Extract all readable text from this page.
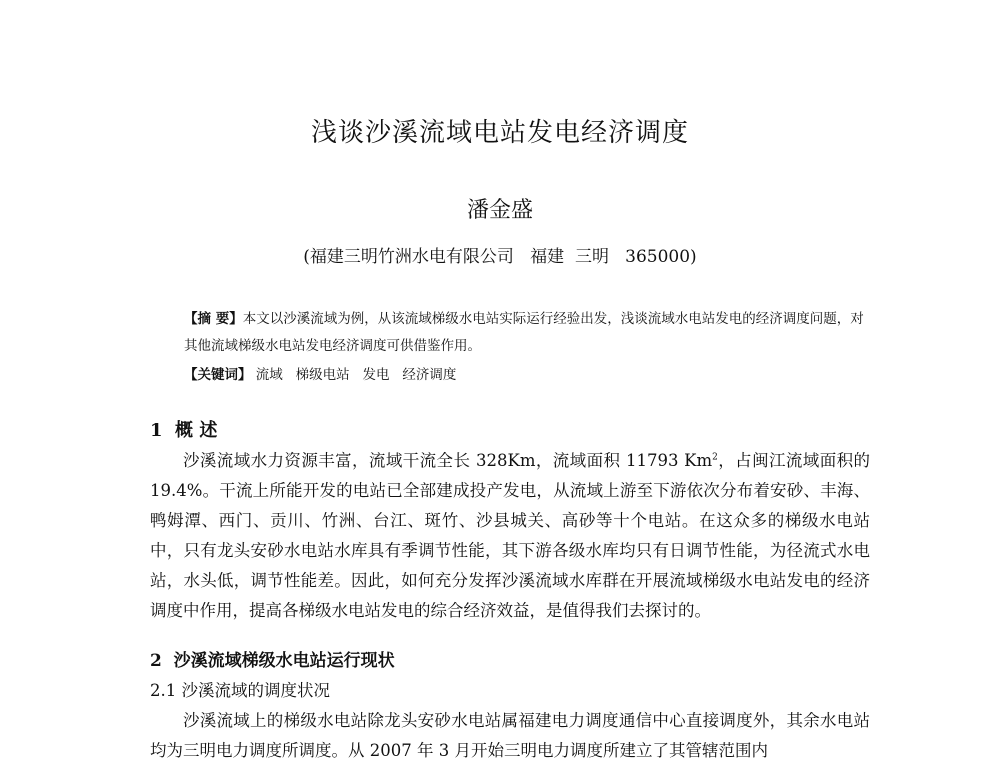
浅谈沙溪流域电站发电经济调度
潘金盛
(福建三明竹洲水电有限公司   福建  三明   365000)
【摘 要】本文以沙溪流域为例，从该流域梯级水电站实际运行经验出发，浅谈流域水电站发电的经济调度问题，对其他流域梯级水电站发电经济调度可供借鉴作用。
【关键词】 流域   梯级电站   发电   经济调度
1  概 述
沙溪流域水力资源丰富，流域干流全长 328Km，流域面积 11793 Km$^2$，占闽江流域面积的 19.4%。干流上所能开发的电站已全部建成投产发电，从流域上游至下游依次分布着安砂、丰海、鸭姆潭、西门、贡川、竹洲、台江、斑竹、沙县城关、高砂等十个电站。在这众多的梯级水电站中，只有龙头安砂水电站水库具有季调节性能，其下游各级水库均只有日调节性能，为径流式水电站，水头低，调节性能差。因此，如何充分发挥沙溪流域水库群在开展流域梯级水电站发电的经济调度中作用，提高各梯级水电站发电的综合经济效益，是值得我们去探讨的。
2  沙溪流域梯级水电站运行现状
2.1 沙溪流域的调度状况
沙溪流域上的梯级水电站除龙头安砂水电站属福建电力调度通信中心直接调度外，其余水电站均为三明电力调度所调度。从 2007 年 3 月开始三明电力调度所建立了其管辖范围内
